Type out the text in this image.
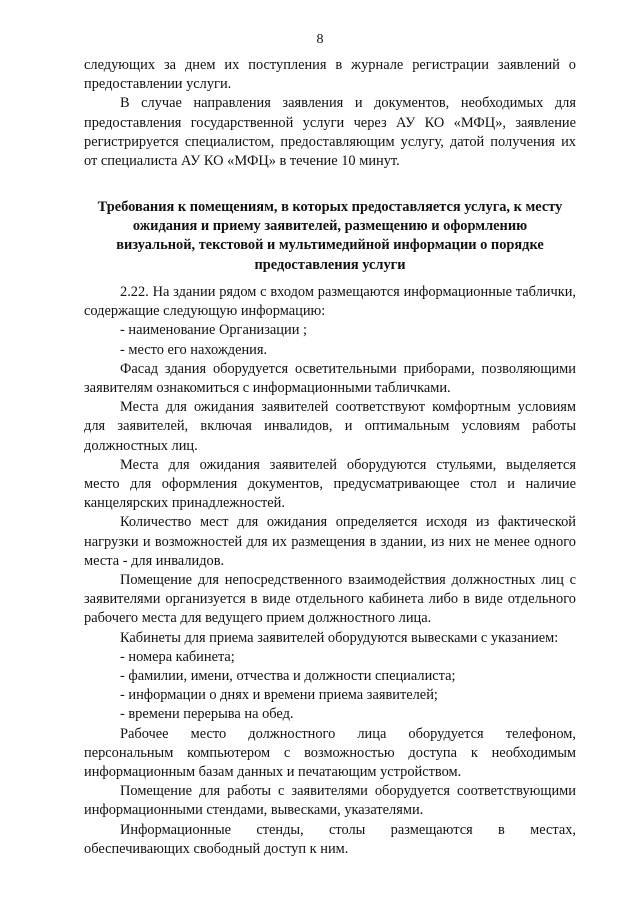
8

следующих за днем их поступления в журнале регистрации заявлений о предоставлении услуги.

В случае направления заявления и документов, необходимых для предоставления государственной услуги через АУ КО «МФЦ», заявление регистрируется специалистом, предоставляющим услугу, датой получения их от специалиста АУ КО «МФЦ» в течение 10 минут.

Требования к помещениям, в которых предоставляется услуга, к месту ожидания и приему заявителей, размещению и оформлению визуальной, текстовой и мультимедийной информации о порядке предоставления услуги

2.22. На здании рядом с входом размещаются информационные таблички, содержащие следующую информацию:

- наименование Организации ;

- место его нахождения.

Фасад здания оборудуется осветительными приборами, позволяющими заявителям ознакомиться с информационными табличками.

Места для ожидания заявителей соответствуют комфортным условиям для заявителей, включая инвалидов, и оптимальным условиям работы должностных лиц.

Места для ожидания заявителей оборудуются стульями, выделяется место для оформления документов, предусматривающее стол и наличие канцелярских принадлежностей.

Количество мест для ожидания определяется исходя из фактической нагрузки и возможностей для их размещения в здании, из них не менее одного места - для инвалидов.

Помещение для непосредственного взаимодействия должностных лиц с заявителями организуется в виде отдельного кабинета либо в виде отдельного рабочего места для ведущего прием должностного лица.

Кабинеты для приема заявителей оборудуются вывесками с указанием:

- номера кабинета;

- фамилии, имени, отчества и должности специалиста;

- информации о днях и времени приема заявителей;

- времени перерыва на обед.

Рабочее место должностного лица оборудуется телефоном, персональным компьютером с возможностью доступа к необходимым информационным базам данных и печатающим устройством.

Помещение для работы с заявителями оборудуется соответствующими информационными стендами, вывесками, указателями.

Информационные стенды, столы размещаются в местах, обеспечивающих свободный доступ к ним.
